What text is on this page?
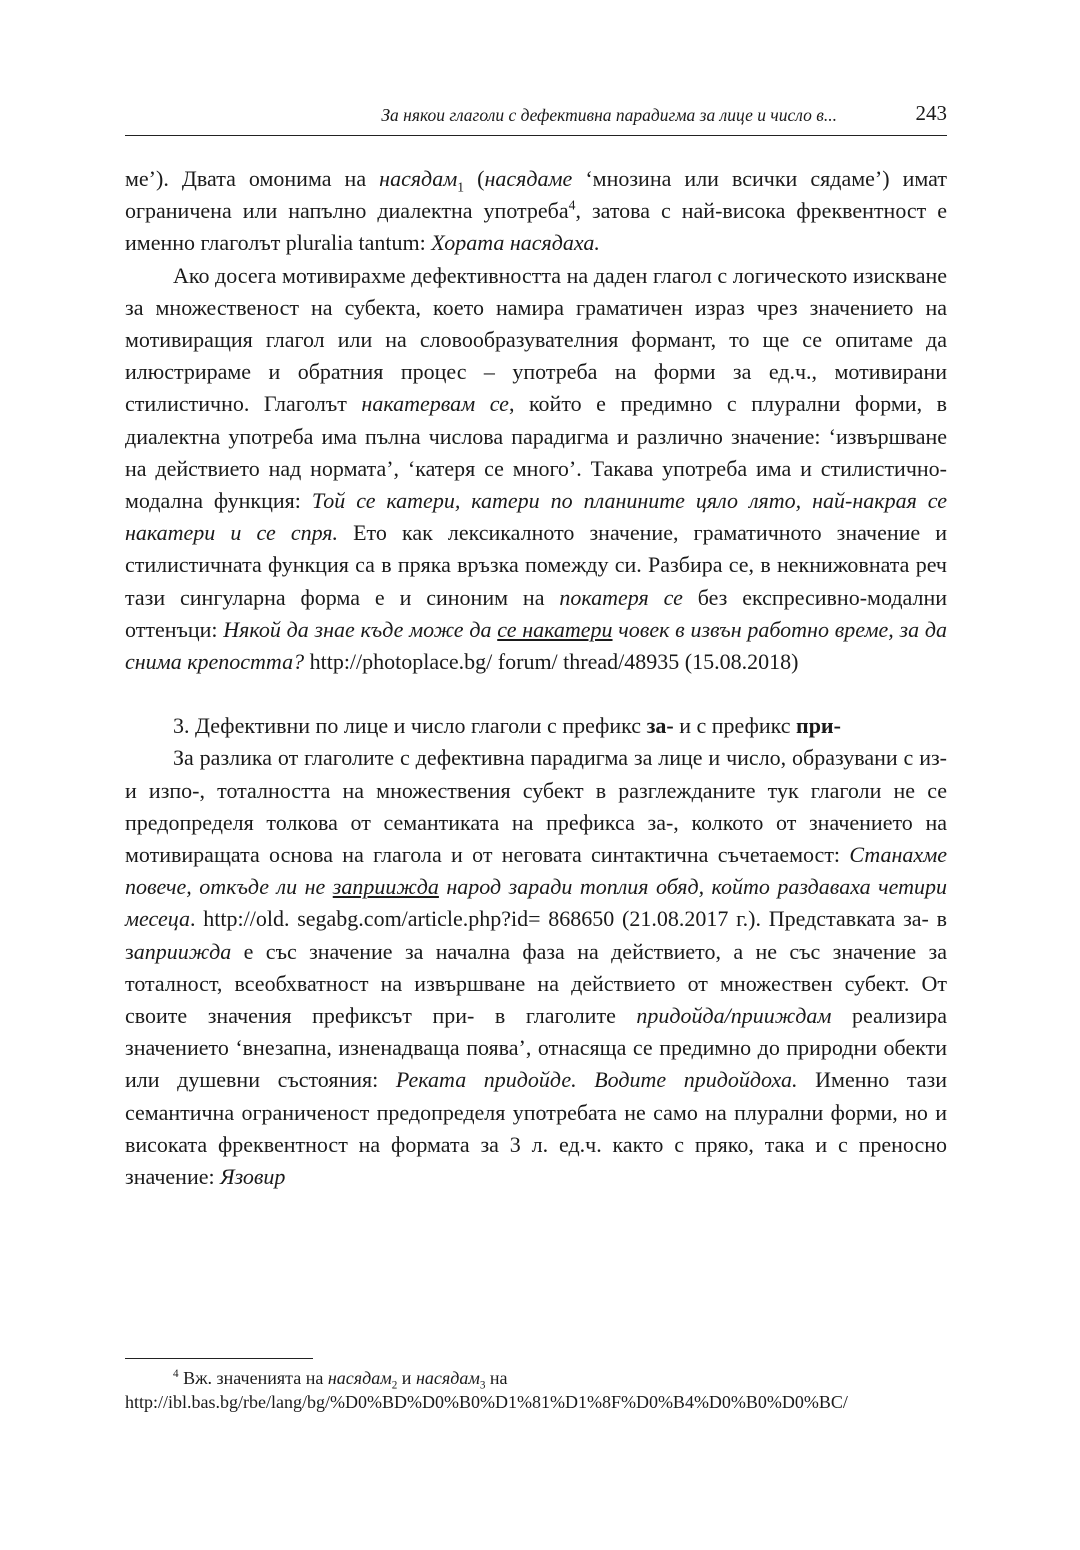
За някои глаголи с дефективна парадигма за лице и число в...	243

ме’). Двата омонима на насядам$_1$ (насядаме ‘мнозина или всички сядаме’) имат ограничена или напълно диалектна употреба$^4$, затова с най-висока фреквентност е именно глаголът pluralia tantum: Хората насядаха.

Ако досега мотивирахме дефективността на даден глагол с логическото изискване за множественост на субекта, което намира граматичен израз чрез значението на мотивиращия глагол или на словообразувателния формант, то ще се опитаме да илюстрираме и обратния процес – употреба на форми за ед.ч., мотивирани стилистично. Глаголът накатервам се, който е предимно с плурални форми, в диалектна употреба има пълна числова парадигма и различно значение: ‘извършване на действието над нормата’, ‘катеря се много’. Такава употреба има и стилистично-модална функция: Той се катери, катери по планините цяло лято, най-накрая се накатери и се спря. Ето как лексикалното значение, граматичното значение и стилистичната функция са в пряка връзка помежду си. Разбира се, в некнижовната реч тази сингуларна форма е и синоним на покатеря се без експресивно-модални оттенъци: Някой да знае къде може да се накатери човек в извън работно време, за да снима крепостта? http://photoplace.bg/ forum/ thread/48935 (15.08.2018)

3. Дефективни по лице и число глаголи с префикс за- и с префикс при-

За разлика от глаголите с дефективна парадигма за лице и число, образувани с из- и изпо-, тоталността на множествения субект в разглежданите тук глаголи не се предопределя толкова от семантиката на префикса за-, колкото от значението на мотивиращата основа на глагола и от неговата синтактична съчетаемост: Станахме повече, откъде ли не заприижда народ заради топлия обяд, който раздаваха четири месеца. http://old. segabg.com/article.php?id= 868650 (21.08.2017 г.). Представката за- в заприижда е със значение за начална фаза на действието, а не със значение за тоталност, всеобхватност на извършване на действието от множествен субект. От своите значения префиксът при- в глаголите придойда/прииждам реализира значението ‘внезапна, изненадваща поява’, отнасяща се предимно до природни обекти или душевни състояния: Реката придойде. Водите придойдоха. Именно тази семантична ограниченост предопределя употребата не само на плурални форми, но и високата фреквентност на формата за 3 л. ед.ч. както с пряко, така и с преносно значение: Язовир

$^4$ Вж. значенията на насядам$_2$ и насядам$_3$ на http://ibl.bas.bg/rbe/lang/bg/%D0%BD%D0%B0%D1%81%D1%8F%D0%B4%D0%B0%D0%BC/
